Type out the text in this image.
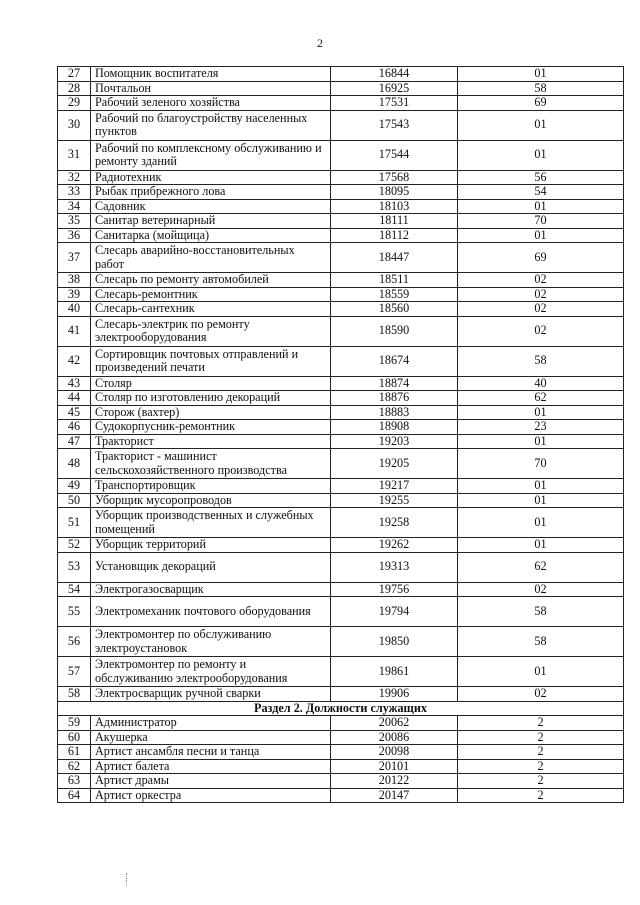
2
27	Помощник воспитателя	16844	01
28	Почтальон	16925	58
29	Рабочий зеленого хозяйства	17531	69
30	Рабочий по благоустройству населенных пунктов	17543	01
31	Рабочий по комплексному обслуживанию и ремонту зданий	17544	01
32	Радиотехник	17568	56
33	Рыбак прибрежного лова	18095	54
34	Садовник	18103	01
35	Санитар ветеринарный	18111	70
36	Санитарка (мойщица)	18112	01
37	Слесарь аварийно-восстановительных работ	18447	69
38	Слесарь по ремонту автомобилей	18511	02
39	Слесарь-ремонтник	18559	02
40	Слесарь-сантехник	18560	02
41	Слесарь-электрик по ремонту электрооборудования	18590	02
42	Сортировщик почтовых отправлений и произведений печати	18674	58
43	Столяр	18874	40
44	Столяр по изготовлению декораций	18876	62
45	Сторож (вахтер)	18883	01
46	Судокорпусник-ремонтник	18908	23
47	Тракторист	19203	01
48	Тракторист - машинист сельскохозяйственного производства	19205	70
49	Транспортировщик	19217	01
50	Уборщик мусоропроводов	19255	01
51	Уборщик производственных и служебных помещений	19258	01
52	Уборщик территорий	19262	01
53	Установщик декораций	19313	62
54	Электрогазосварщик	19756	02
55	Электромеханик почтового оборудования	19794	58
56	Электромонтер по обслуживанию электроустановок	19850	58
57	Электромонтер по ремонту и обслуживанию электрооборудования	19861	01
58	Электросварщик ручной сварки	19906	02
Раздел 2. Должности служащих			
59	Администратор	20062	2
60	Акушерка	20086	2
61	Артист ансамбля песни и танца	20098	2
62	Артист балета	20101	2
63	Артист драмы	20122	2
64	Артист оркестра	20147	2
